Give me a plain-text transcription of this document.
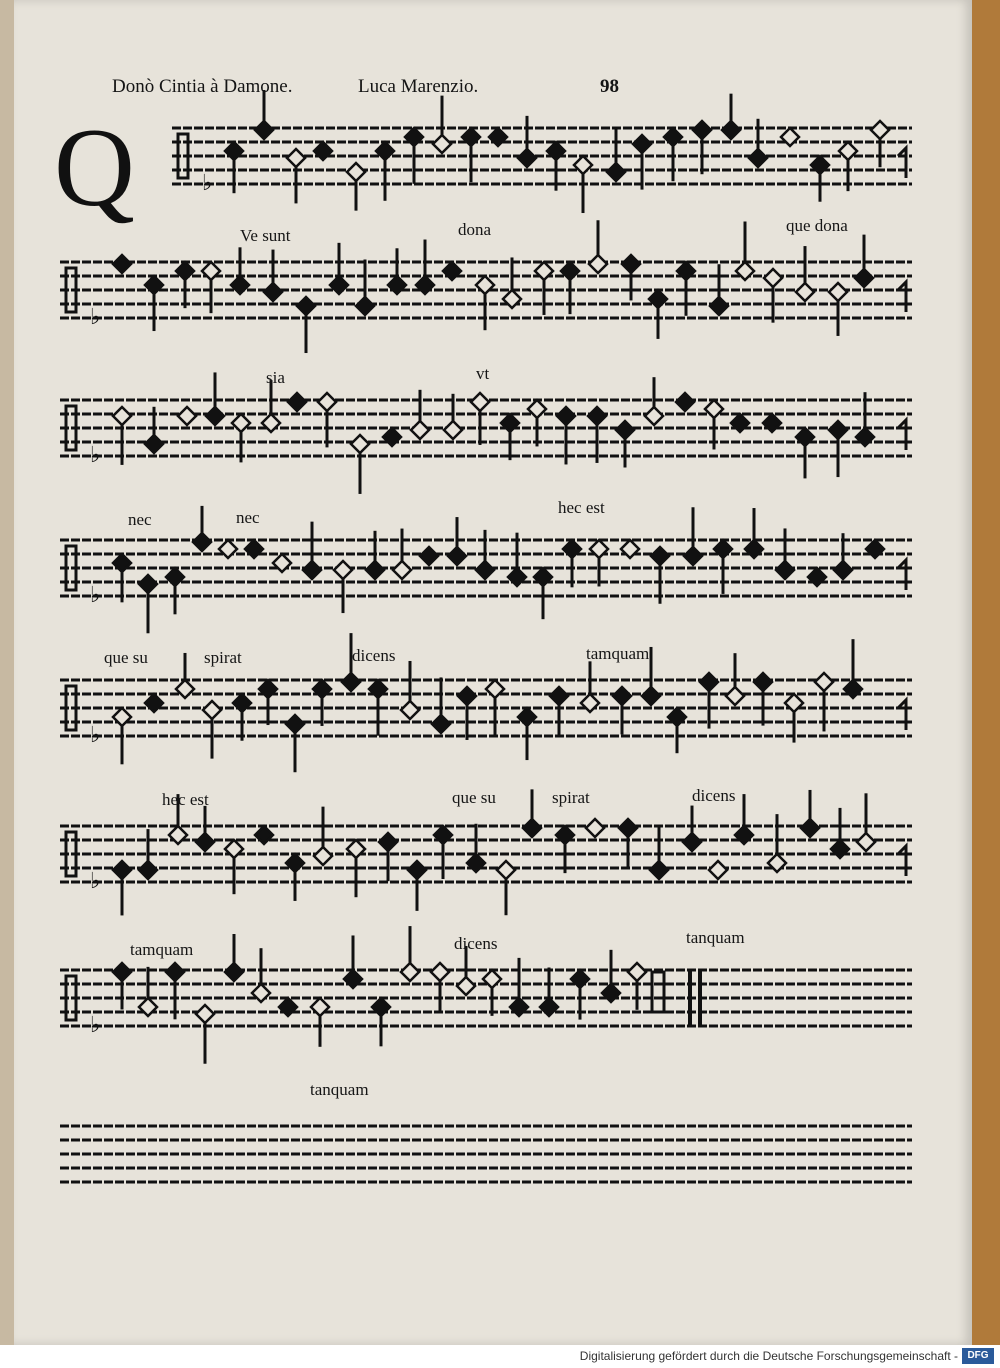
♭
♭
♭
♭
♭
♭
♭
Q
Donò Cintia à Damone.	Luca Marenzio.	98
Ve sunt	dona	que dona
sia	vt
nec	nec
hec est
que su	spirat	dicens	tamquam
hec est	que su	spirat	dicens
tamquam	dicens	tanquam
tanquam
Digitalisierung gefördert durch die Deutsche Forschungsgemeinschaft - DFG
